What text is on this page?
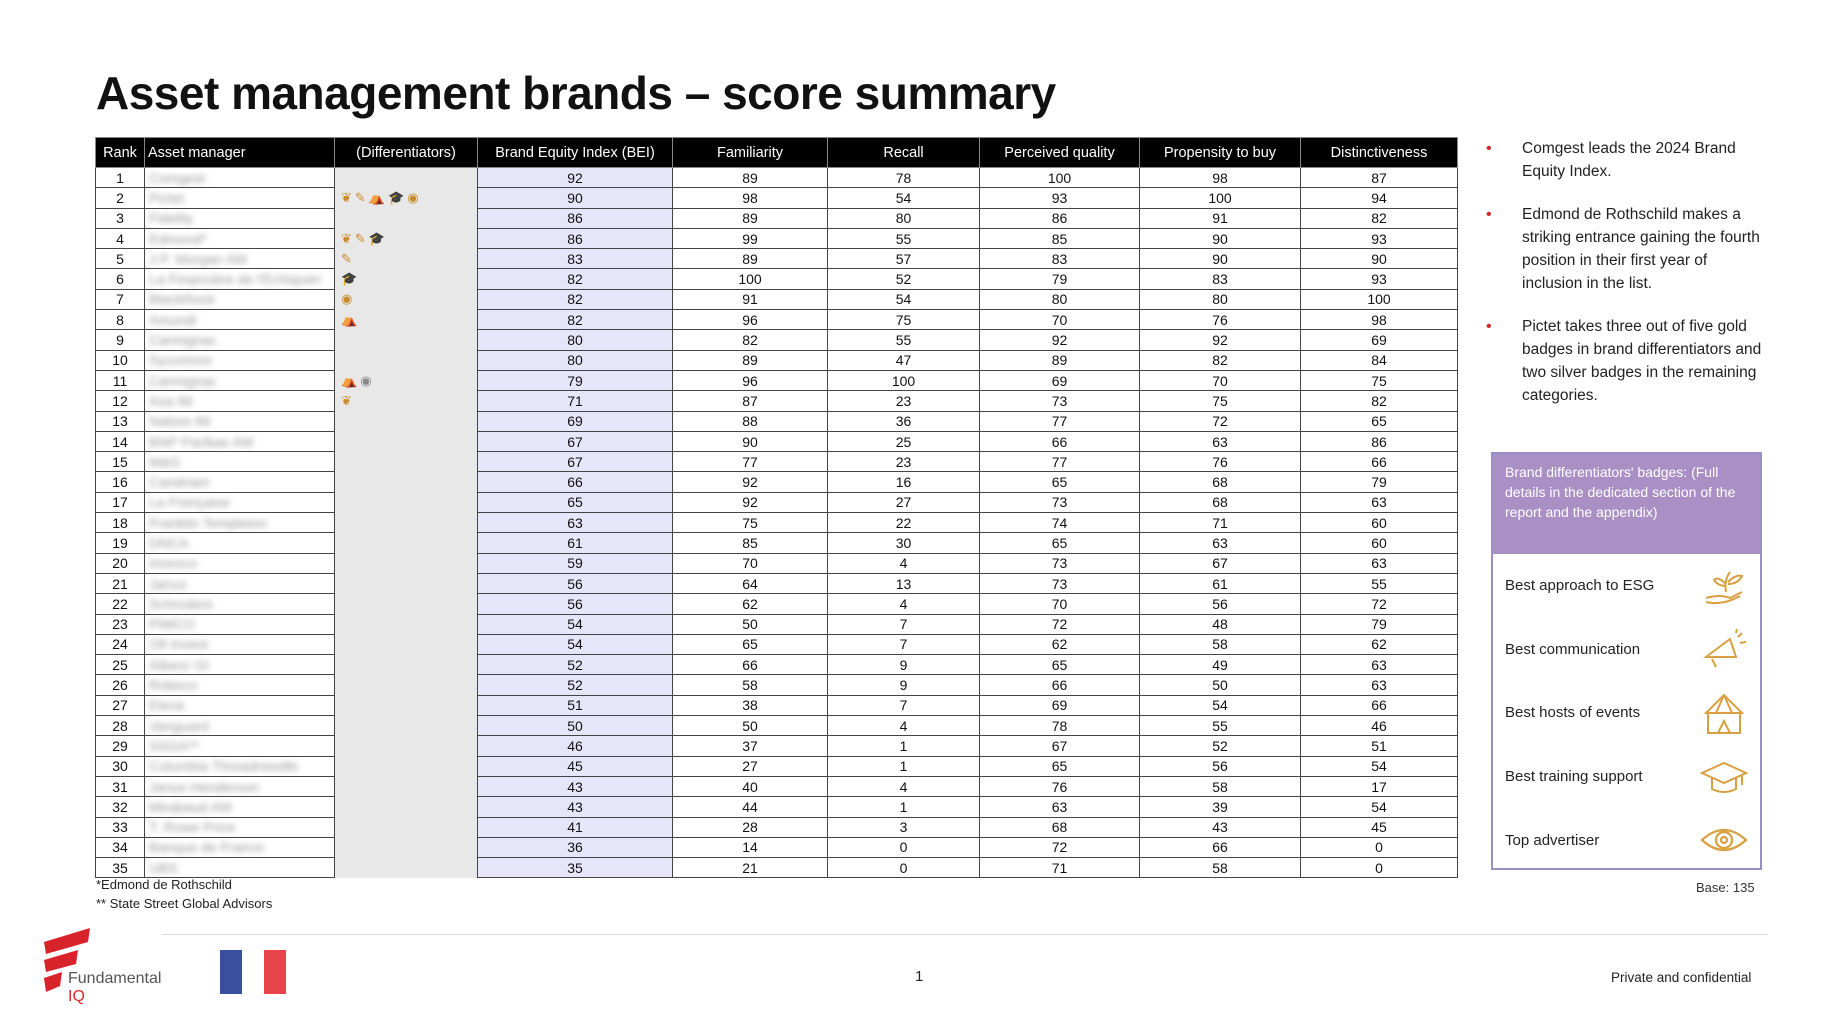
Asset management brands – score summary
Rank	Asset manager	(Differentiators)	Brand Equity Index (BEI)	Familiarity	Recall	Perceived quality	Propensity to buy	Distinctiveness
1	Comgest		92	89	78	100	98	87
2	Pictet	❦✎⛺🎓◉	90	98	54	93	100	94
3	Fidelity		86	89	80	86	91	82
4	Edmond*	❦✎🎓	86	99	55	85	90	93
5	J.P. Morgan AM	✎	83	89	57	83	90	90
6	La Financière de l'Echiquier	🎓	82	100	52	79	83	93
7	BlackRock	◉	82	91	54	80	80	100
8	Amundi	⛺	82	96	75	70	76	98
9	Carmignac		80	82	55	92	92	69
10	Sycomore		80	89	47	89	82	84
11	Carmignac	⛺◉	79	96	100	69	70	75
12	Axa IM	❦	71	87	23	73	75	82
13	Natixis IM		69	88	36	77	72	65
14	BNP Paribas AM		67	90	25	66	63	86
15	M&G		67	77	23	77	76	66
16	Candriam		66	92	16	65	68	79
17	La Française		65	92	27	73	68	63
18	Franklin Templeton		63	75	22	74	71	60
19	DNCA		61	85	30	65	63	60
20	Invesco		59	70	4	73	67	63
21	Janus		56	64	13	73	61	55
22	Schroders		56	62	4	70	56	72
23	PIMCO		54	50	7	72	48	79
24	Ofi Invest		54	65	7	62	58	62
25	Allianz GI		52	66	9	65	49	63
26	Robeco		52	58	9	66	50	63
27	Eleva		51	38	7	69	54	66
28	Vanguard		50	50	4	78	55	46
29	SSGA**		46	37	1	67	52	51
30	Columbia Threadneedle		45	27	1	65	56	54
31	Janus Henderson		43	40	4	76	58	17
32	Mirabaud AM		43	44	1	63	39	54
33	T. Rowe Price		41	28	3	68	43	45
34	Banque de France		36	14	0	72	66	0
35	UBS		35	21	0	71	58	0
• Comgest leads the 2024 Brand Equity Index.
• Edmond de Rothschild makes a striking entrance gaining the fourth position in their first year of inclusion in the list.
• Pictet takes three out of five gold badges in brand differentiators and two silver badges in the remaining categories.
Brand differentiators' badges: (Full details in the dedicated section of the report and the appendix)
Best approach to ESG
Best communication
Best hosts of events
Best training support
Top advertiser
Base: 135
*Edmond de Rothschild
** State Street Global Advisors
Fundamental
IQ
1	Private and confidential
